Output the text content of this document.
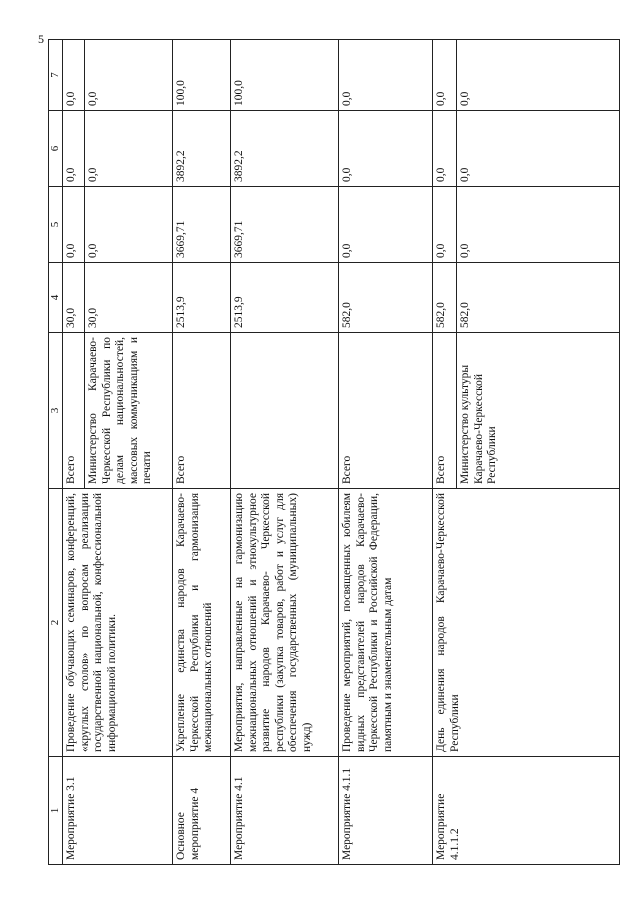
5
1	2	3	4	5	6	7
Мероприятие 3.1	Проведение обучающих семинаров, конференций, «круглых столов» по вопросам реализации государственной национальной, конфессиональной информационной политики.	Всего	30,0	0,0	0,0	0,0
		Министерство Карачаево-Черкесской Республики по делам национальностей, массовых коммуникациям и печати	30,0	0,0	0,0	0,0
Основное мероприятие 4	Укрепление единства народов Карачаево-Черкесской Республики и гармонизация межнациональных отношений	Всего	2513,9	3669,71	3892,2	100,0
Мероприятие 4.1	Мероприятия, направленные на гармонизацию межнациональных отношений и этнокультурное развитие народов Карачаево- Черкесской республики (закупка товаров, работ и услуг для обеспечения государственных (муниципальных) нужд)		2513,9	3669,71	3892,2	100,0
Мероприятие 4.1.1	Проведение мероприятий, посвященных юбилеям видных представителей народов Карачаево-Черкесской Республики и Российской Федерации, памятным и знаменательным датам	Всего	582,0	0,0	0,0	0,0
Мероприятие 4.1.1.2	День единения народов Карачаево-Черкесской Республики	Всего	582,0	0,0	0,0	0,0
		Министерство культуры Карачаево-Черкесской Республики	582,0	0,0	0,0	0,0
